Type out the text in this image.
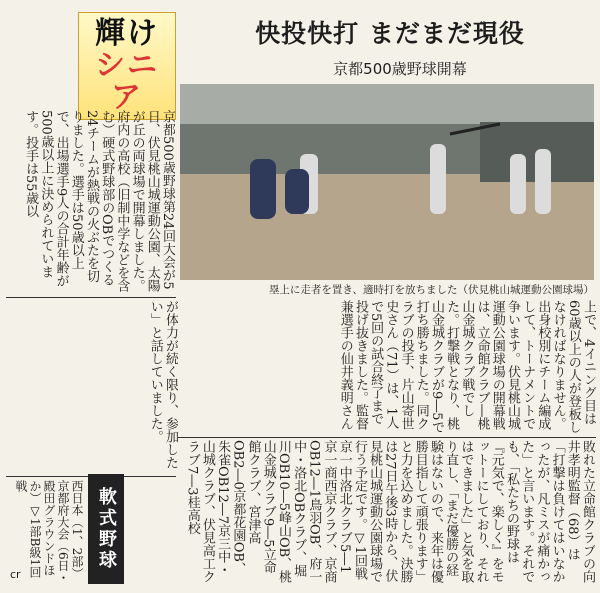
輝け
シニア
快投快打 まだまだ現役
京都500歳野球開幕
塁上に走者を置き、適時打を放ちました（伏見桃山城運動公園球場）
京都500歳野球第24回大会が5日、伏見桃山城運動公園、太陽が丘の両球場で開幕しました。府内の高校（旧制中学などを含む）硬式野球部のOBでつくる24チームが熱戦の火ぶたを切りました。選手は50歳以上で、出場選手9人の合計年齢が500歳以上に決められています。投手は55歳以
が体力が続く限り、参加したい」と話していました。	上で、4イニング目は60歳以上の人が登板しなければなりません。出身校別にチーム編成して、トーナメントで争います。伏見桃山城運動公園球場の開幕戦は、立命館クラブ―桃山金城クラブ戦でした。打撃戦となり、桃山金城クラブが9―5で打ち勝ちました。同クラブの投手、片山寄世史さん（71）は、1人で5回の試合終了まで投げ抜きました。監督兼選手の仙井義明さん
敗れた立命館クラブの向井孝明監督（68）は「打撃は負けてはいなかったが、凡ミスが痛かった」と言います。それでも、「私たちの野球は『元気で、楽しく』をモットーにしており、それはできました」と気を取り直し、「まだ優勝の経験はないので、来年は優勝目指して頑張ります」と力を込めました。決勝は27日午後3時から、伏見桃山城運動公園球場で行う予定です。▽1回戦 京一中洛北クラブ5―1京一商西京クラブ、京商OB12―1鳥羽OB、府一中・洛北OBクラブ、堀川OB10―5峰山OB、桃山金城クラブ9―5立命館クラブ、宮津高OB2―0京都花園OB、朱雀OB12―7京三中・山城クラブ、伏見高工クラブ7―3桂高校
軟式野球
西日本（1、2部）京都府大会（6日・殿田グラウンドほか）▽1部B級1回戦
cr
